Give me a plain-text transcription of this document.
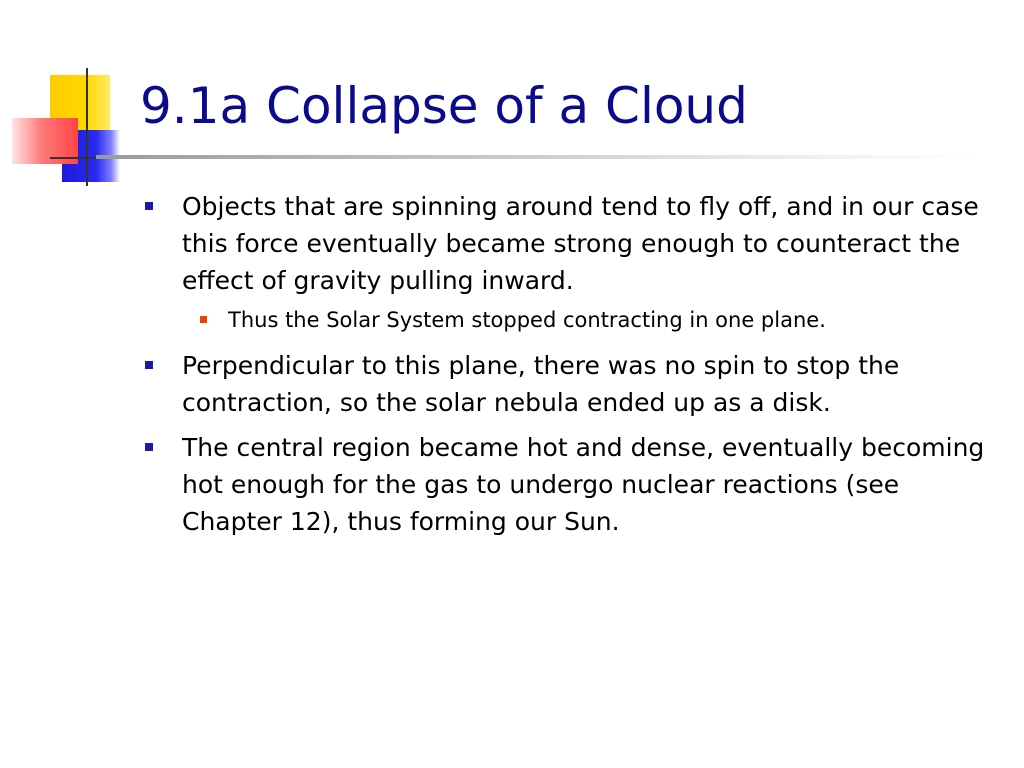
9.1a Collapse of a Cloud
Objects that are spinning around tend to fly off, and in our case this force eventually became strong enough to counteract the effect of gravity pulling inward.
Thus the Solar System stopped contracting in one plane.
Perpendicular to this plane, there was no spin to stop the contraction, so the solar nebula ended up as a disk.
The central region became hot and dense, eventually becoming hot enough for the gas to undergo nuclear reactions (see Chapter 12), thus forming our Sun.
